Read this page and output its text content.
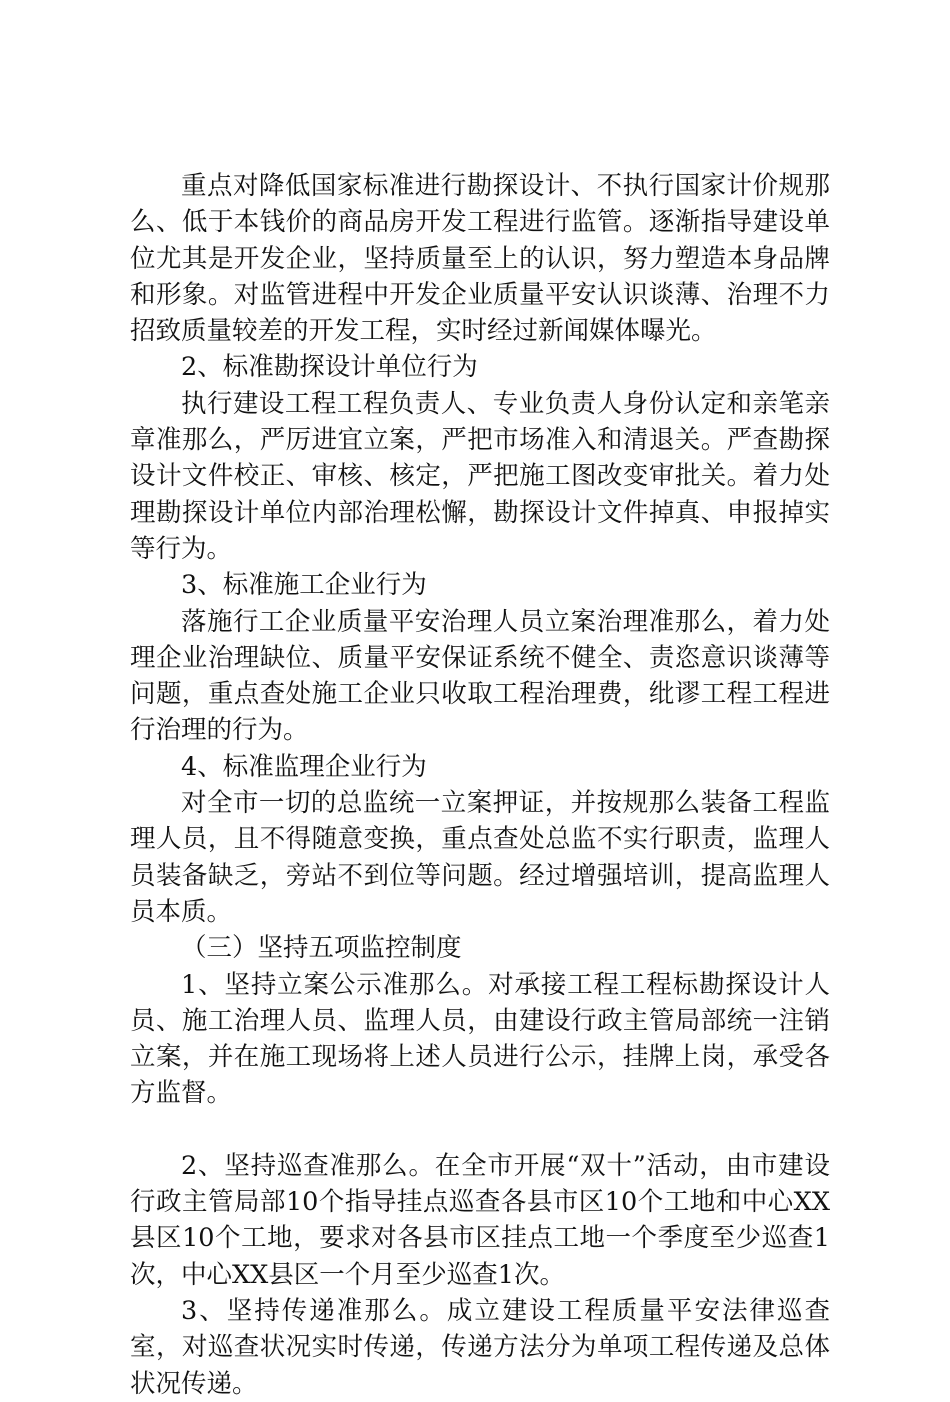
重点对降低国家标准进行勘探设计、不执行国家计价规那么、低于本钱价的商品房开发工程进行监管。逐渐指导建设单位尤其是开发企业，坚持质量至上的认识，努力塑造本身品牌和形象。对监管进程中开发企业质量平安认识谈薄、治理不力招致质量较差的开发工程，实时经过新闻媒体曝光。

2、标准勘探设计单位行为

执行建设工程工程负责人、专业负责人身份认定和亲笔亲章准那么，严厉进宜立案，严把市场准入和清退关。严查勘探设计文件校正、审核、核定，严把施工图改变审批关。着力处理勘探设计单位内部治理松懈，勘探设计文件掉真、申报掉实等行为。

3、标准施工企业行为

落施行工企业质量平安治理人员立案治理准那么，着力处理企业治理缺位、质量平安保证系统不健全、责恣意识谈薄等问题，重点查处施工企业只收取工程治理费，纰谬工程工程进行治理的行为。

4、标准监理企业行为

对全市一切的总监统一立案押证，并按规那么装备工程监理人员，且不得随意变换，重点查处总监不实行职责，监理人员装备缺乏，旁站不到位等问题。经过增强培训，提高监理人员本质。

（三）坚持五项监控制度

1、坚持立案公示准那么。对承接工程工程标勘探设计人员、施工治理人员、监理人员，由建设行政主管局部统一注销立案，并在施工现场将上述人员进行公示，挂牌上岗，承受各方监督。

2、坚持巡查准那么。在全市开展“双十”活动，由市建设行政主管局部10个指导挂点巡查各县市区10个工地和中心XX县区10个工地，要求对各县市区挂点工地一个季度至少巡查1次，中心XX县区一个月至少巡查1次。

3、坚持传递准那么。成立建设工程质量平安法律巡查室，对巡查状况实时传递，传递方法分为单项工程传递及总体状况传递。
